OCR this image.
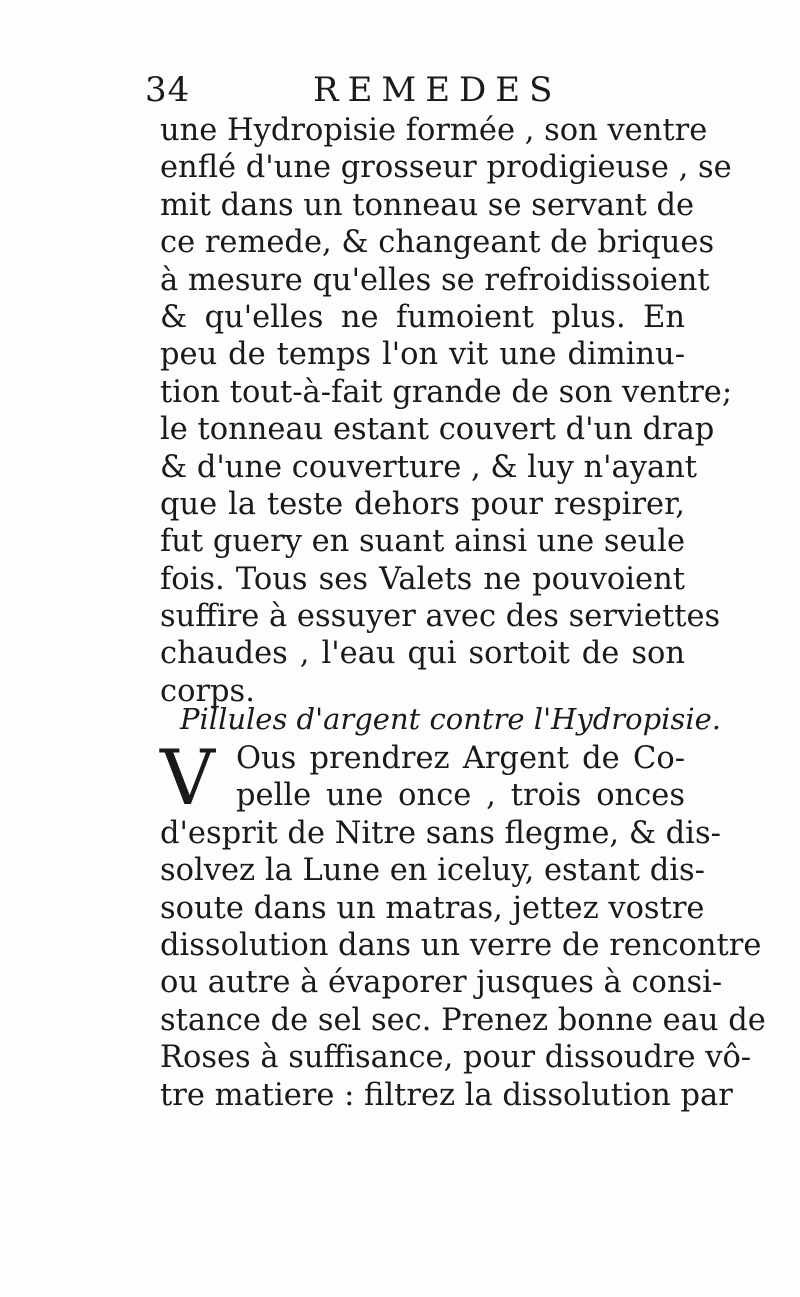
34	REMEDES
une Hydropisie formée , son ventre
enflé d'une grosseur prodigieuse , se
mit dans un tonneau se servant de
ce remede, & changeant de briques
à mesure qu'elles se refroidissoient
& qu'elles ne fumoient plus. En
peu de temps l'on vit une diminu-
tion tout-à-fait grande de son ventre;
le tonneau estant couvert d'un drap
& d'une couverture , & luy n'ayant
que la teste dehors pour respirer,
fut guery en suant ainsi une seule
fois. Tous ses Valets ne pouvoient
suffire à essuyer avec des serviettes
chaudes , l'eau qui sortoit de son
corps.
Pillules d'argent contre l'Hydropisie.
V Ous prendrez Argent de Co-
pelle une once , trois onces
d'esprit de Nitre sans flegme, & dis-
solvez la Lune en iceluy, estant dis-
soute dans un matras, jettez vostre
dissolution dans un verre de rencontre
ou autre à évaporer jusques à consi-
stance de sel sec. Prenez bonne eau de
Roses à suffisance, pour dissoudre vô-
tre matiere : filtrez la dissolution par
